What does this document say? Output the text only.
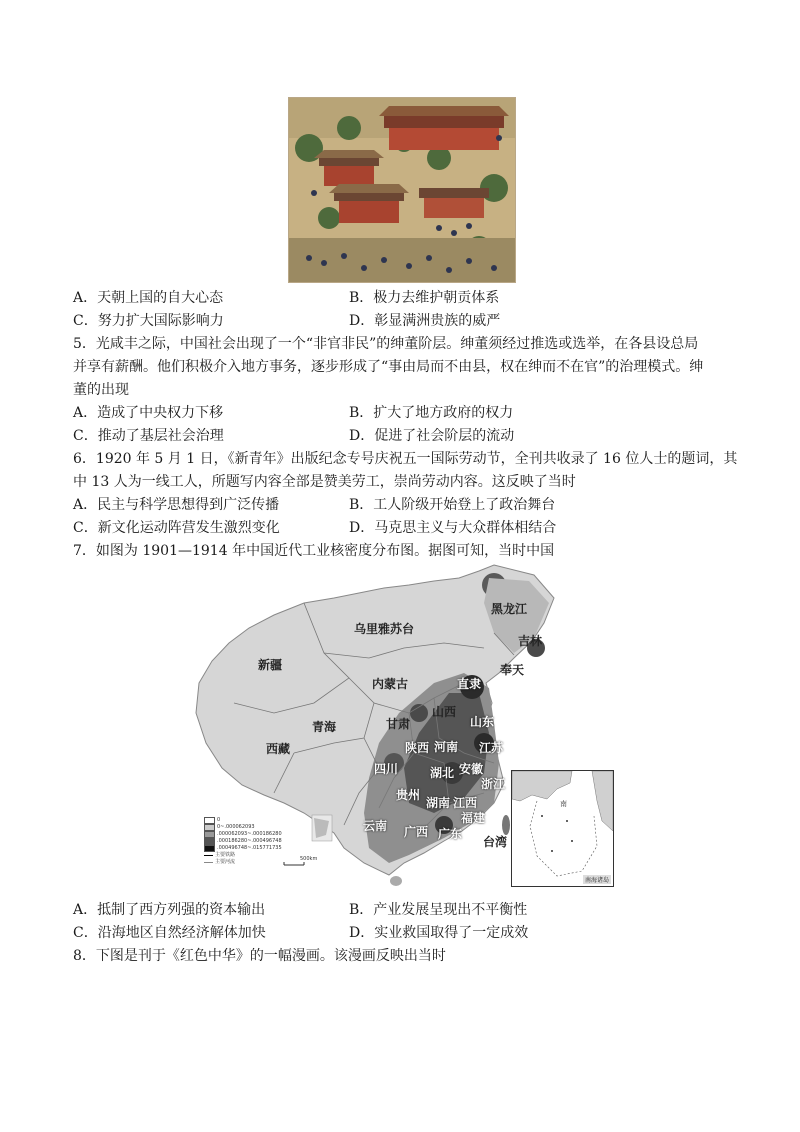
A．天朝上国的自大心态	B．极力去维护朝贡体系
C．努力扩大国际影响力	D．彰显满洲贵族的威严
5．光咸丰之际，中国社会出现了一个“非官非民”的绅董阶层。绅董须经过推选或选举，在各县设总局
并享有薪酬。他们积极介入地方事务，逐步形成了“事由局而不由县，权在绅而不在官”的治理模式。绅
董的出现
A．造成了中央权力下移	B．扩大了地方政府的权力
C．推动了基层社会治理	D．促进了社会阶层的流动
6．1920 年 5 月 1 日，《新青年》出版纪念专号庆祝五一国际劳动节，全刊共收录了 16 位人士的题词，其
中 13 人为一线工人，所题写内容全部是赞美劳工，崇尚劳动内容。这反映了当时
A．民主与科学思想得到广泛传播	B．工人阶级开始登上了政治舞台
C．新文化运动阵营发生激烈变化	D．马克思主义与大众群体相结合
7．如图为 1901—1914 年中国近代工业核密度分布图。据图可知，当时中国
黑龙江
吉林
奉天
乌里雅苏台
新疆
内蒙古	直隶
山西
山东
甘肃
青海
西藏	陕西 河南 江苏
四川	安徽
湖北
浙江
贵州
湖南 江西
福建
云南 广西 广东
台湾
0
0~.000062093
.000062093~.000186280
.000186280~.000496748
.000496748~.015771735
主要铁路
主要河流	500km
南
南海诸岛
A．抵制了西方列强的资本输出	B．产业发展呈现出不平衡性
C．沿海地区自然经济解体加快	D．实业救国取得了一定成效
8．下图是刊于《红色中华》的一幅漫画。该漫画反映出当时
